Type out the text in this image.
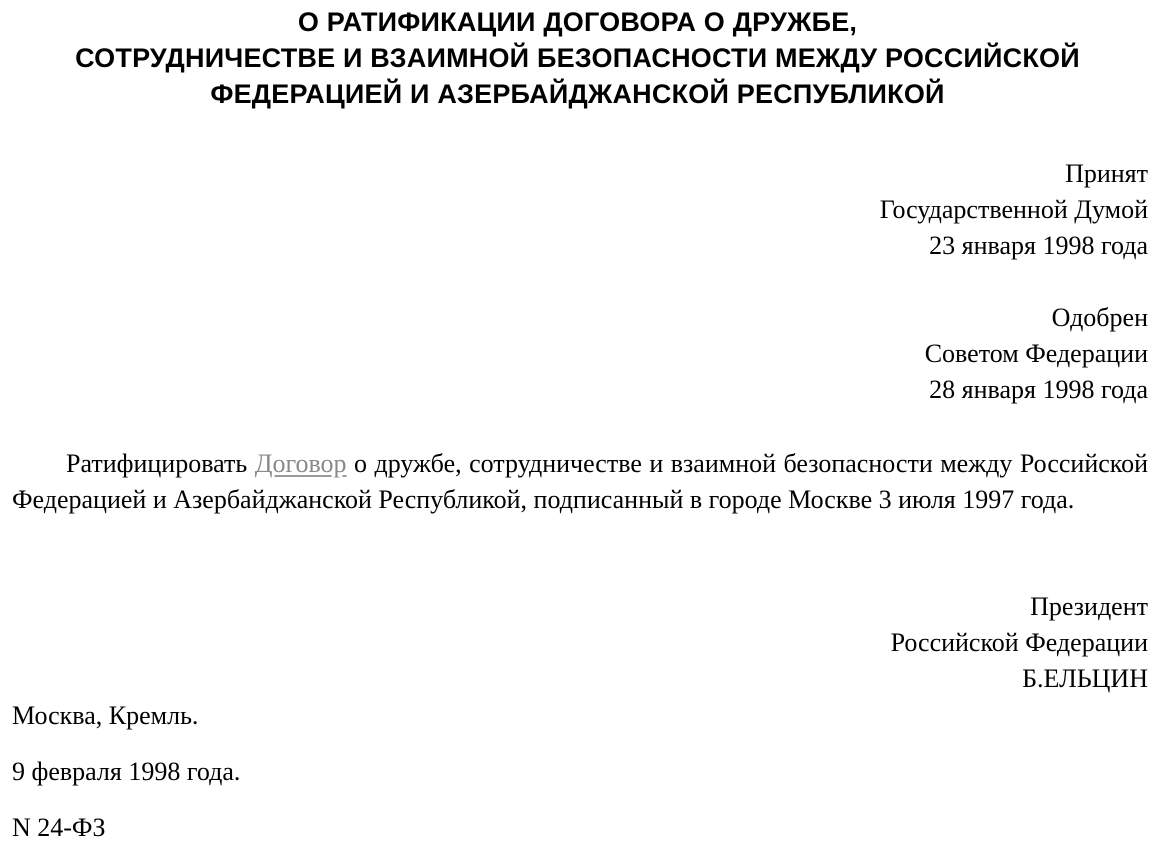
О РАТИФИКАЦИИ ДОГОВОРА О ДРУЖБЕ,
СОТРУДНИЧЕСТВЕ И ВЗАИМНОЙ БЕЗОПАСНОСТИ МЕЖДУ РОССИЙСКОЙ
ФЕДЕРАЦИЕЙ И АЗЕРБАЙДЖАНСКОЙ РЕСПУБЛИКОЙ
Принят
Государственной Думой
23 января 1998 года
Одобрен
Советом Федерации
28 января 1998 года

Ратифицировать Договор о дружбе, сотрудничестве и взаимной безопасности между Российской Федерацией и Азербайджанской Республикой, подписанный в городе Москве 3 июля 1997 года.

Президент
Российской Федерации
Б.ЕЛЬЦИН

Москва, Кремль.

9 февраля 1998 года.

N 24-ФЗ
